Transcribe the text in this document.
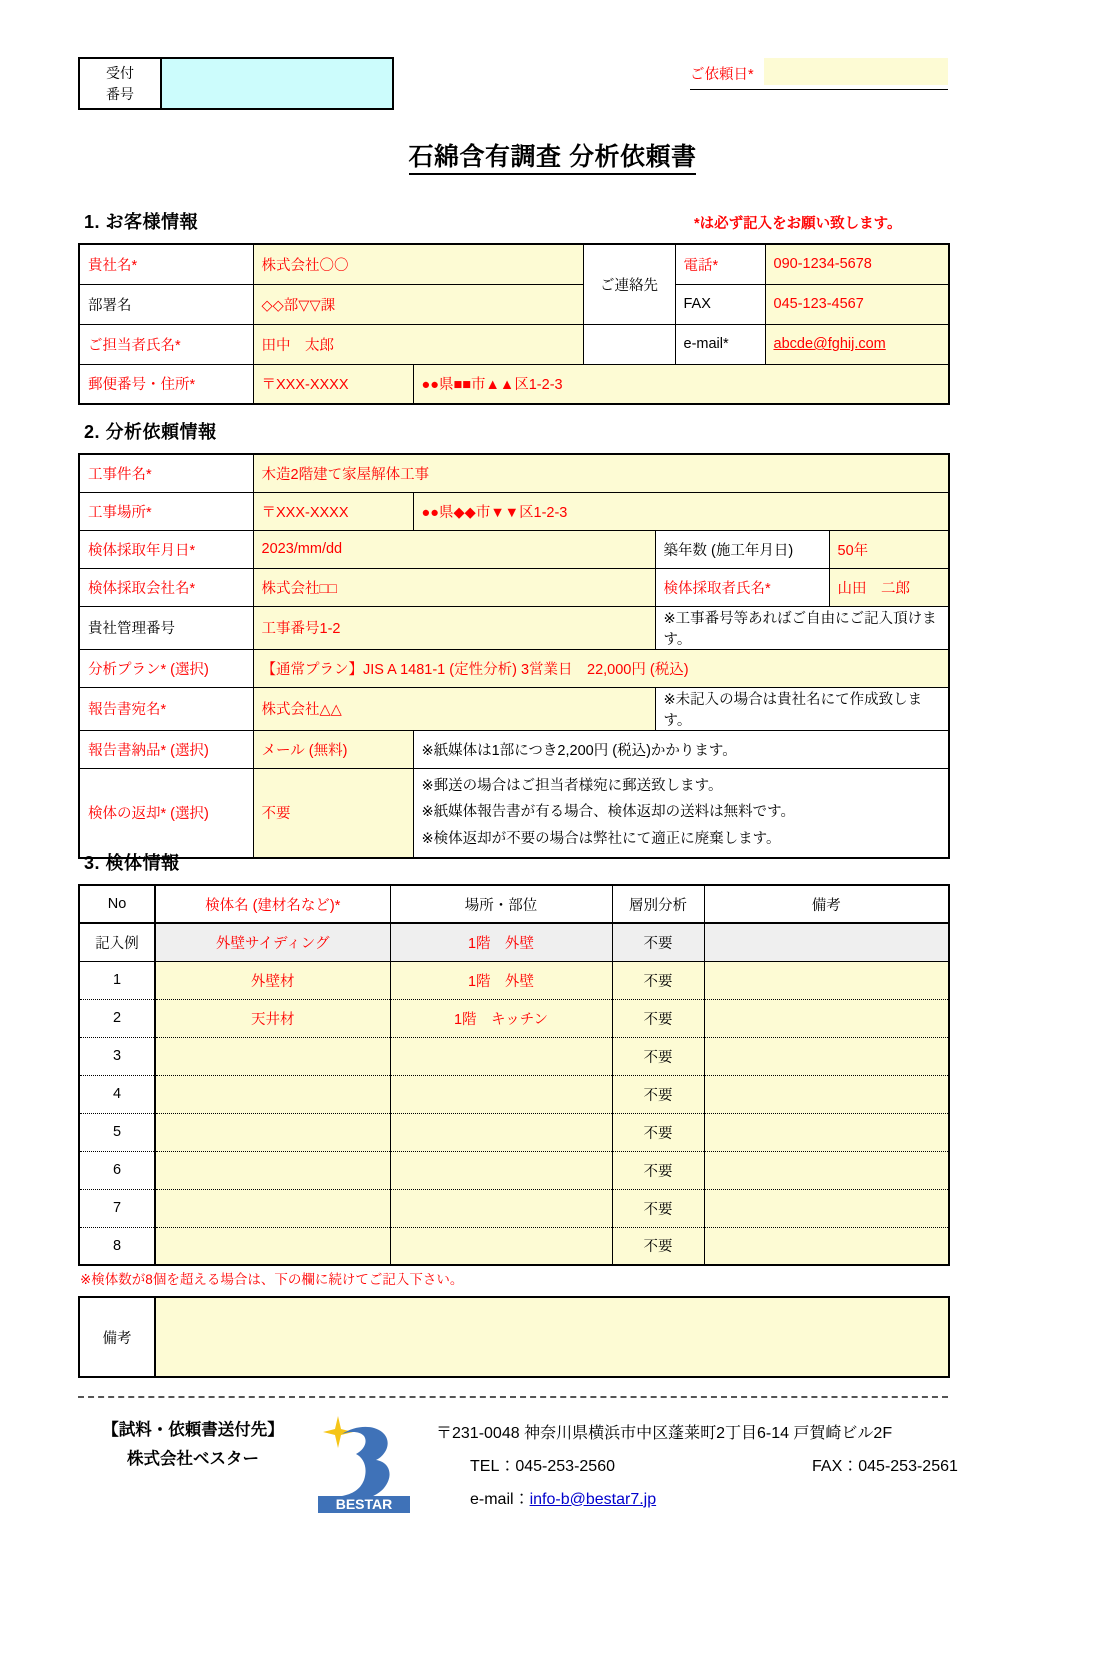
受付
番号
ご依頼日*
石綿含有調査 分析依頼書
1. お客様情報	*は必ず記入をお願い致します。
貴社名*	株式会社〇〇		ご連絡先	電話*	090-1234-5678
部署名	◇◇部▽▽課			FAX	045-123-4567
ご担当者氏名*	田中　太郎			e-mail*	abcde@fghij.com
郵便番号・住所*	〒XXX-XXXX	●●県■■市▲▲区1-2-3			
2. 分析依頼情報
工事件名*	木造2階建て家屋解体工事			
工事場所*	〒XXX-XXXX	●●県◆◆市▼▼区1-2-3		
検体採取年月日*	2023/mm/dd		築年数 (施工年月日)	50年
検体採取会社名*	株式会社□□		検体採取者氏名*	山田　二郎
貴社管理番号	工事番号1-2		※工事番号等あればご自由にご記入頂けます。	
分析プラン* (選択)	【通常プラン】JIS A 1481-1 (定性分析) 3営業日　22,000円 (税込)			
報告書宛名*	株式会社△△		※未記入の場合は貴社名にて作成致します。	
報告書納品* (選択)	メール (無料)	※紙媒体は1部につき2,200円 (税込)かかります。		
検体の返却* (選択)	不要	※郵送の場合はご担当者様宛に郵送致します。
※紙媒体報告書が有る場合、検体返却の送料は無料です。
※検体返却が不要の場合は弊社にて適正に廃棄します。		
3. 検体情報
No	検体名 (建材名など)*	場所・部位	層別分析	備考
記入例	外壁サイディング	1階　外壁	不要	
1	外壁材	1階　外壁	不要	
2	天井材	1階　キッチン	不要	
3			不要	
4			不要	
5			不要	
6			不要	
7			不要	
8			不要	
※検体数が8個を超える場合は、下の欄に続けてご記入下さい。
備考	
【試料・依頼書送付先】
株式会社ベスター
BESTAR
〒231-0048 神奈川県横浜市中区蓬莱町2丁目6-14 戸賀崎ビル2F
TEL：045-253-2560	FAX：045-253-2561
e-mail：info-b@bestar7.jp
